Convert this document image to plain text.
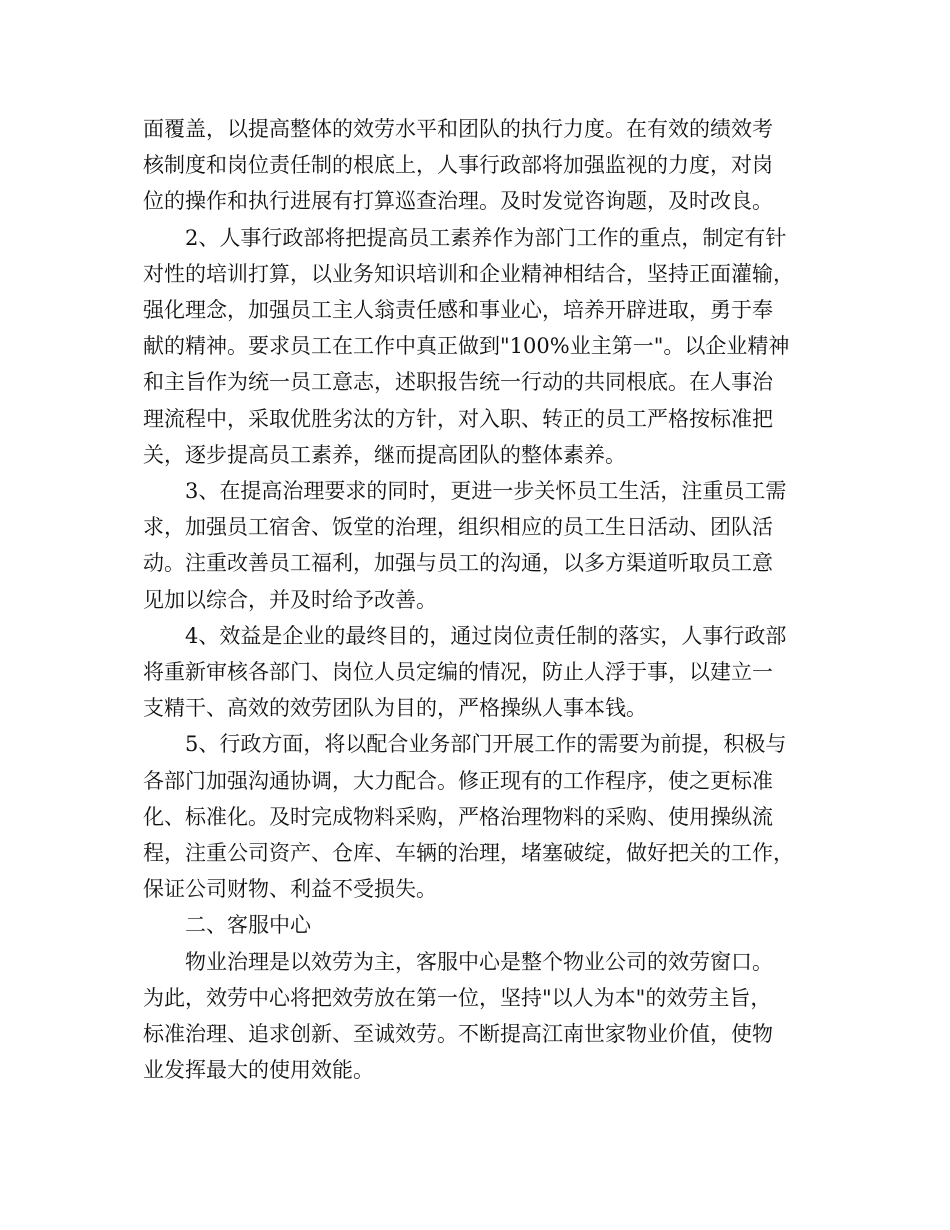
面覆盖，以提高整体的效劳水平和团队的执行力度。在有效的绩效考
核制度和岗位责任制的根底上，人事行政部将加强监视的力度，对岗
位的操作和执行进展有打算巡查治理。及时发觉咨询题，及时改良。
2、人事行政部将把提高员工素养作为部门工作的重点，制定有针
对性的培训打算，以业务知识培训和企业精神相结合，坚持正面灌输，
强化理念，加强员工主人翁责任感和事业心，培养开辟进取，勇于奉
献的精神。要求员工在工作中真正做到"100%业主第一"。以企业精神
和主旨作为统一员工意志，述职报告统一行动的共同根底。在人事治
理流程中，采取优胜劣汰的方针，对入职、转正的员工严格按标准把
关，逐步提高员工素养，继而提高团队的整体素养。
3、在提高治理要求的同时，更进一步关怀员工生活，注重员工需
求，加强员工宿舍、饭堂的治理，组织相应的员工生日活动、团队活
动。注重改善员工福利，加强与员工的沟通，以多方渠道听取员工意
见加以综合，并及时给予改善。
4、效益是企业的最终目的，通过岗位责任制的落实，人事行政部
将重新审核各部门、岗位人员定编的情况，防止人浮于事，以建立一
支精干、高效的效劳团队为目的，严格操纵人事本钱。
5、行政方面，将以配合业务部门开展工作的需要为前提，积极与
各部门加强沟通协调，大力配合。修正现有的工作程序，使之更标准
化、标准化。及时完成物料采购，严格治理物料的采购、使用操纵流
程，注重公司资产、仓库、车辆的治理，堵塞破绽，做好把关的工作，
保证公司财物、利益不受损失。
二、客服中心
物业治理是以效劳为主，客服中心是整个物业公司的效劳窗口。
为此，效劳中心将把效劳放在第一位，坚持"以人为本"的效劳主旨，
标准治理、追求创新、至诚效劳。不断提高江南世家物业价值，使物
业发挥最大的使用效能。
